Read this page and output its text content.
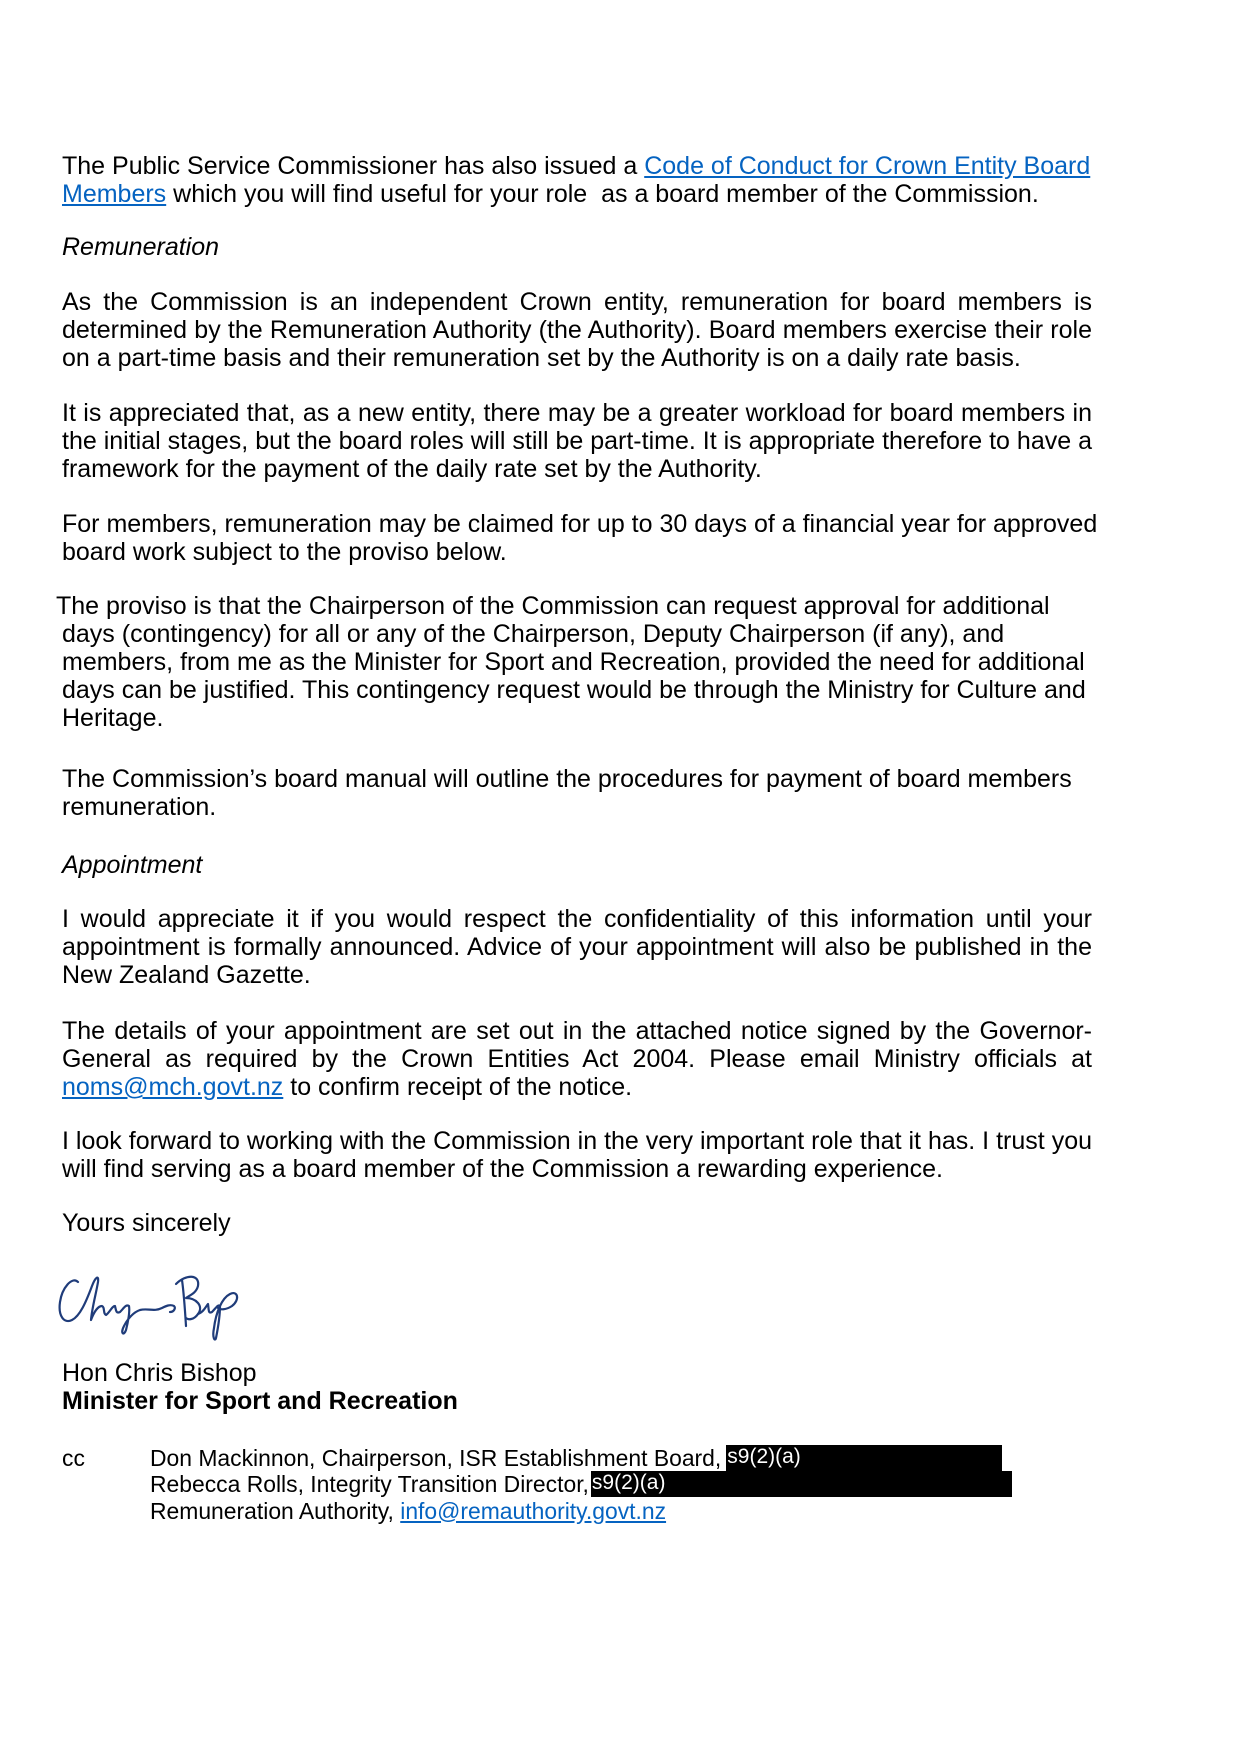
The Public Service Commissioner has also issued a Code of Conduct for Crown Entity Board
Members which you will find useful for your role  as a board member of the Commission.
Remuneration
As the Commission is an independent Crown entity, remuneration for board members is
determined by the Remuneration Authority (the Authority). Board members exercise their role
on a part-time basis and their remuneration set by the Authority is on a daily rate basis.
It is appreciated that, as a new entity, there may be a greater workload for board members in
the initial stages, but the board roles will still be part-time. It is appropriate therefore to have a
framework for the payment of the daily rate set by the Authority.
For members, remuneration may be claimed for up to 30 days of a financial year for approved
board work subject to the proviso below.
The proviso is that the Chairperson of the Commission can request approval for additional
days (contingency) for all or any of the Chairperson, Deputy Chairperson (if any), and
members, from me as the Minister for Sport and Recreation, provided the need for additional
days can be justified. This contingency request would be through the Ministry for Culture and
Heritage.
The Commission’s board manual will outline the procedures for payment of board members
remuneration.
Appointment
I would appreciate it if you would respect the confidentiality of this information until your
appointment is formally announced. Advice of your appointment will also be published in the
New Zealand Gazette.
The details of your appointment are set out in the attached notice signed by the Governor-
General as required by the Crown Entities Act 2004. Please email Ministry officials at
noms@mch.govt.nz to confirm receipt of the notice.
I look forward to working with the Commission in the very important role that it has. I trust you
will find serving as a board member of the Commission a rewarding experience.
Yours sincerely
Hon Chris Bishop
Minister for Sport and Recreation
cc	Don Mackinnon, Chairperson, ISR Establishment Board, s9(2)(a)
Rebecca Rolls, Integrity Transition Director, s9(2)(a)
Remuneration Authority, info@remauthority.govt.nz
